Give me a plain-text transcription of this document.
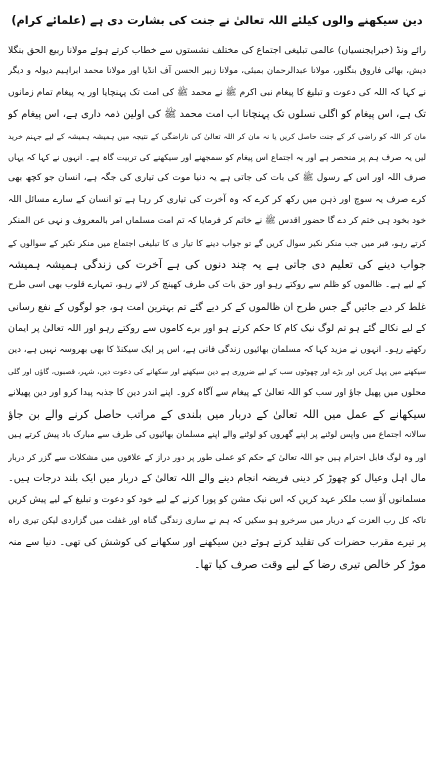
دین سیکھنے والوں کیلئے اللہ تعالیٰ نے جنت کی بشارت دی ہے (علمائے کرام)
رائے ونڈ (خبرایجنسیاں) عالمی تبلیغی اجتماع کی مختلف نشستوں سے خطاب کرتے ہوئے مولانا ربیع الحق بنگلا
دیش، بھائی فاروق بنگلور، مولانا عبدالرحمان بمبئی، مولانا زبیر الحسن آف انڈیا اور مولانا محمد ابراہیم دیولہ و دیگر
نے کہا کہ اللہ کی دعوت و تبلیغ کا پیغام نبی اکرم ﷺ نے محمد ﷺ کی امت تک پہنچایا اور یہ پیغام تمام زمانوں
تک ہے، اس پیغام کو اگلی نسلوں تک پہنچانا اب امت محمد ﷺ کی اولین ذمہ داری ہے، اس پیغام کو
مان کر اللہ کو راضی کر کے جنت حاصل کریں یا نہ مان کر اللہ تعالیٰ کی ناراضگی کے نتیجہ میں ہمیشہ ہمیشہ کے لیے جہنم خرید
لیں یہ صرف ہم پر منحصر ہے اور یہ اجتماع اس پیغام کو سمجھنے اور سیکھنے کی تربیت گاہ ہے۔ انہوں نے کہا کہ یہاں
صرف اللہ اور اس کے رسول ﷺ کی بات کی جاتی ہے یہ دنیا موت کی تیاری کی جگہ ہے، انسان جو کچھ بھی
کرے صرف یہ سوچ اور ذہن میں رکھ کر کرے کہ وہ آخرت کی تیاری کر رہا ہے تو انسان کے سارے مسائل اللہ
خود بخود ہی ختم کر دے گا حضور اقدس ﷺ نے خاتم کر فرمایا کہ تم امت مسلماں امر بالمعروف و نہی عن المنکر
کرتے رہو، قبر میں جب منکر نکیر سوال کریں گے تو جواب دینے کا تیار ی کا تبلیغی اجتماع میں منکر نکیر کے سوالوں کے
جواب دینے کی تعلیم دی جاتی ہے یہ چند دنوں کی ہے آخرت کی زندگی ہمیشہ ہمیشہ
کے لیے ہے۔ ظالموں کو ظلم سے روکتے رہو اور حق بات کی طرف کھینچ کر لاتے رہو، تمہارے قلوب بھی اسی طرح
غلط کر دیے جائیں گے جس طرح ان ظالموں کے کر دیے گئے تم بہترین امت ہو، جو لوگوں کے نفع رسانی
کے لیے نکالے گئے ہو تم لوگ نیک کام کا حکم کرتے ہو اور برے کاموں سے روکتے رہو اور اللہ تعالیٰ پر ایمان
رکھتے رہو۔ انہوں نے مزید کہا کہ مسلمان بھائیوں زندگی فانی ہے، اس پر ایک سیکنڈ کا بھی بھروسہ نہیں ہے، دین
سیکھنے میں پہل کریں اور بڑے اور چھوٹوں سب کے لیے ضروری ہے دین سیکھنے اور سکھانے کی دعوت دیں، شہر، قصبوں، گاؤں اور گلی
محلوں میں پھیل جاؤ اور سب کو اللہ تعالیٰ کے پیغام سے آگاہ کرو۔ اپنے اندر دین کا جذبہ پیدا کرو اور دین پھیلانے
سیکھانے کے عمل میں اللہ تعالیٰ کے دربار میں بلندی کے مراتب حاصل کرنے والے بن جاؤ
سالانہ اجتماع میں واپس لوٹنے پر اپنے گھروں کو لوٹنے والے اپنے مسلمان بھائیوں کی طرف سے مبارک باد پیش کرتے ہیں
اور وہ لوگ قابل احترام ہیں جو اللہ تعالیٰ کے حکم کو عملی طور پر دور دراز کے علاقوں میں مشکلات سے گزر کر دربار
مال اہل وعیال کو چھوڑ کر دینی فریضہ انجام دینے والے اللہ تعالیٰ کے دربار میں ایک بلند درجات ہیں۔
مسلمانوں آؤ سب ملکر عہد کریں کہ اس نیک مشن کو پورا کرنے کے لیے خود کو دعوت و تبلیغ کے لیے پیش کریں
تاکہ کل رب العزت کے دربار میں سرخرو ہو سکیں کہ ہم نے ساری زندگی گناہ اور غفلت میں گزاردی لیکن تیری راہ
پر تیرے مقرب حضرات کی تقلید کرتے ہوئے دین سیکھنے اور سکھانے کی کوشش کی تھی۔ دنیا سے منہ
موڑ کر خالص تیری رضا کے لیے وقت صرف کیا تھا۔
